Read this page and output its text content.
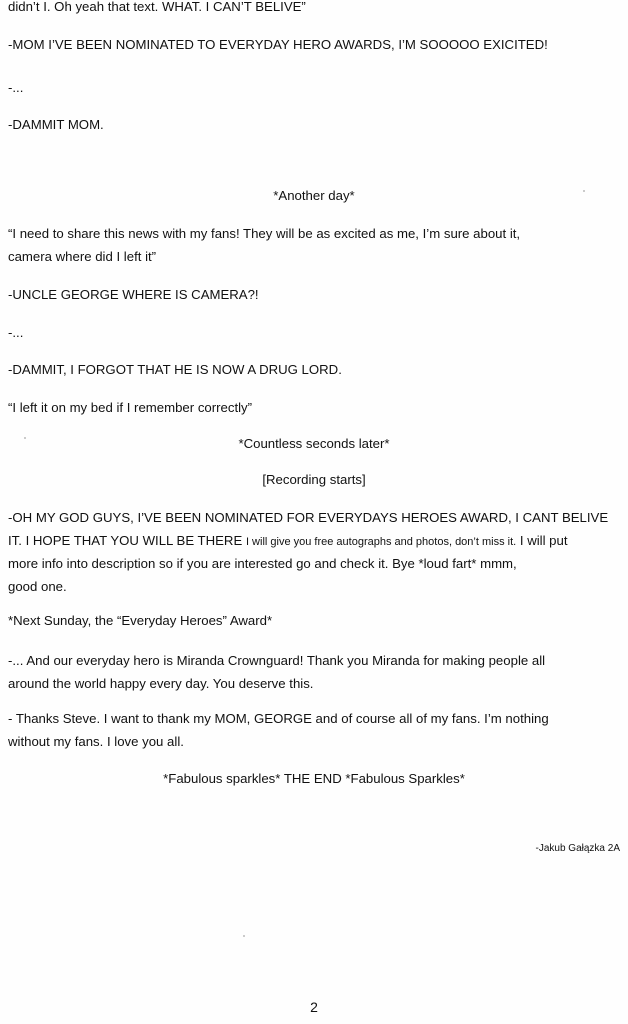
didn’t I. Oh yeah that text. WHAT. I CAN’T BELIVE”
-MOM I’VE BEEN NOMINATED TO EVERYDAY HERO AWARDS, I’M SOOOOO EXICITED!
-...
-DAMMIT MOM.
*Another day*
“I need to share this news with my fans! They will be as excited as me, I’m sure about it,
camera where did I left it”
-UNCLE GEORGE WHERE IS CAMERA?!
-...
-DAMMIT, I FORGOT THAT HE IS NOW A DRUG LORD.
“I left it on my bed if I remember correctly”
*Countless seconds later*
[Recording starts]
-OH MY GOD GUYS, I’VE BEEN NOMINATED FOR EVERYDAYS HEROES AWARD, I CANT BELIVE
IT. I HOPE THAT YOU WILL BE THERE I will give you free autographs and photos, don’t miss it. I will put
more info into description so if you are interested go and check it. Bye *loud fart* mmm,
good one.
*Next Sunday, the “Everyday Heroes” Award*
-... And our everyday hero is Miranda Crownguard! Thank you Miranda for making people all
around the world happy every day. You deserve this.
- Thanks Steve. I want to thank my MOM, GEORGE and of course all of my fans. I’m nothing
without my fans. I love you all.
*Fabulous sparkles* THE END *Fabulous Sparkles*
-Jakub Gałązka 2A
2
